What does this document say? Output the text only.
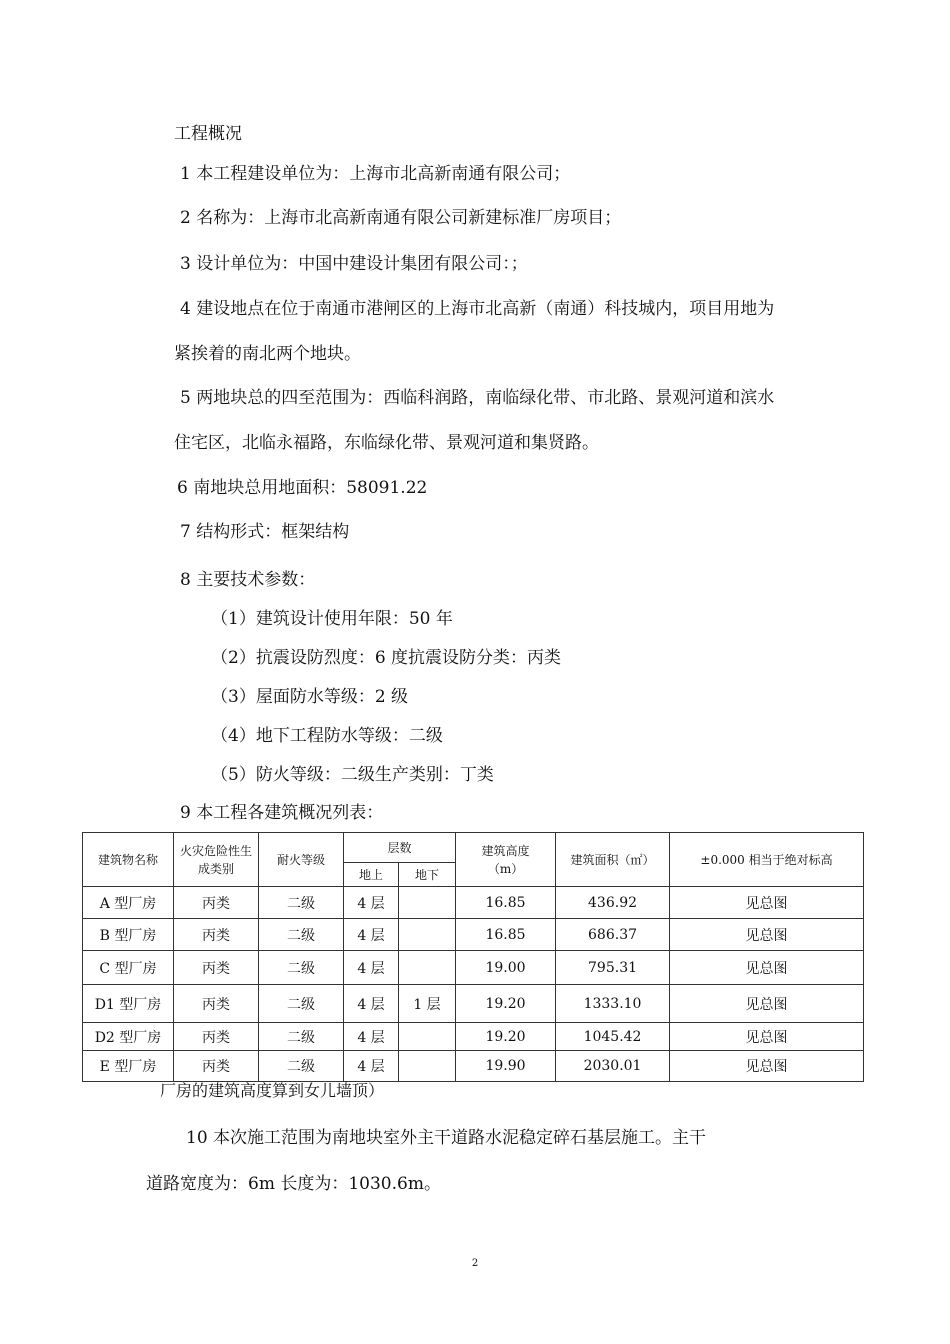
工程概况
1 本工程建设单位为：上海市北高新南通有限公司；
2 名称为：上海市北高新南通有限公司新建标准厂房项目；
3 设计单位为：中国中建设计集团有限公司：；
4 建设地点在位于南通市港闸区的上海市北高新（南通）科技城内，项目用地为
紧挨着的南北两个地块。
5 两地块总的四至范围为：西临科润路，南临绿化带、市北路、景观河道和滨水
住宅区，北临永福路，东临绿化带、景观河道和集贤路。
6 南地块总用地面积：58091.22
7 结构形式：框架结构
8 主要技术参数：
（1）建筑设计使用年限：50 年
（2）抗震设防烈度：6 度抗震设防分类：丙类
（3）屋面防水等级：2 级
（4）地下工程防水等级：二级
（5）防火等级：二级生产类别：丁类
9 本工程各建筑概况列表：
建筑物名称	火灾危险性生成类别	耐火等级	层数		建筑高度（m）	建筑面积（㎡）	±0.000 相当于绝对标高
			地上	地下			
A 型厂房	丙类	二级	4 层		16.85	436.92	见总图
B 型厂房	丙类	二级	4 层		16.85	686.37	见总图
C 型厂房	丙类	二级	4 层		19.00	795.31	见总图
D1 型厂房	丙类	二级	4 层	1 层	19.20	1333.10	见总图
D2 型厂房	丙类	二级	4 层		19.20	1045.42	见总图
E 型厂房	丙类	二级	4 层		19.90	2030.01	见总图
厂房的建筑高度算到女儿墙顶）
10 本次施工范围为南地块室外主干道路水泥稳定碎石基层施工。主干
道路宽度为：6m 长度为：1030.6m。
2
